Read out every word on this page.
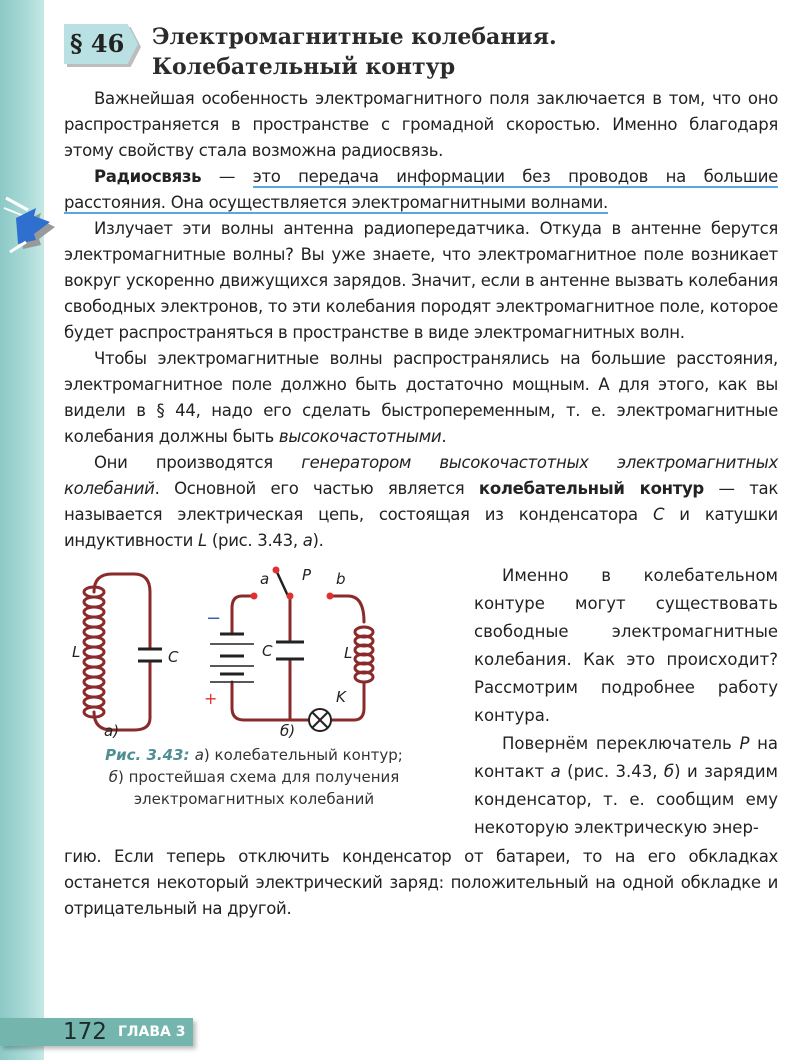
§ 46 Электромагнитные колебания.
Колебательный контур

Важнейшая особенность электромагнитного поля заключается в том, что оно распространяется в пространстве с громадной скоростью. Именно благодаря этому свойству стала возможна радиосвязь.

Радиосвязь — это передача информации без проводов на большие расстояния. Она осуществляется электромагнитными волнами.

Излучает эти волны антенна радиопередатчика. Откуда в антенне берутся электромагнитные волны? Вы уже знаете, что электромагнитное поле возникает вокруг ускоренно движущихся зарядов. Значит, если в антенне вызвать колебания свободных электронов, то эти колебания породят электромагнитное поле, которое будет распространяться в пространстве в виде электромагнитных волн.

Чтобы электромагнитные волны распространялись на большие расстояния, электромагнитное поле должно быть достаточно мощным. А для этого, как вы видели в § 44, надо его сделать быстропеременным, т. е. электромагнитные колебания должны быть высокочастотными.

Они производятся генератором высокочастотных электромагнитных колебаний. Основной его частью является колебательный контур — так называется электрическая цепь, состоящая из конденсатора C и катушки индуктивности L (рис. 3.43, а).

L	C
a P b
C	L
K
−
+
а)	б)
Рис. 3.43: а) колебательный контур;
б) простейшая схема для получения электромагнитных колебаний

Именно в колебательном контуре могут существовать свободные электромагнитные колебания. Как это происходит? Рассмотрим подробнее работу контура.

Повернём переключатель P на контакт а (рис. 3.43, б) и зарядим конденсатор, т. е. сообщим ему некоторую электрическую энер-

гию. Если теперь отключить конденсатор от батареи, то на его обкладках останется некоторый электрический заряд: положительный на одной обкладке и отрицательный на другой.

172 ГЛАВА 3
